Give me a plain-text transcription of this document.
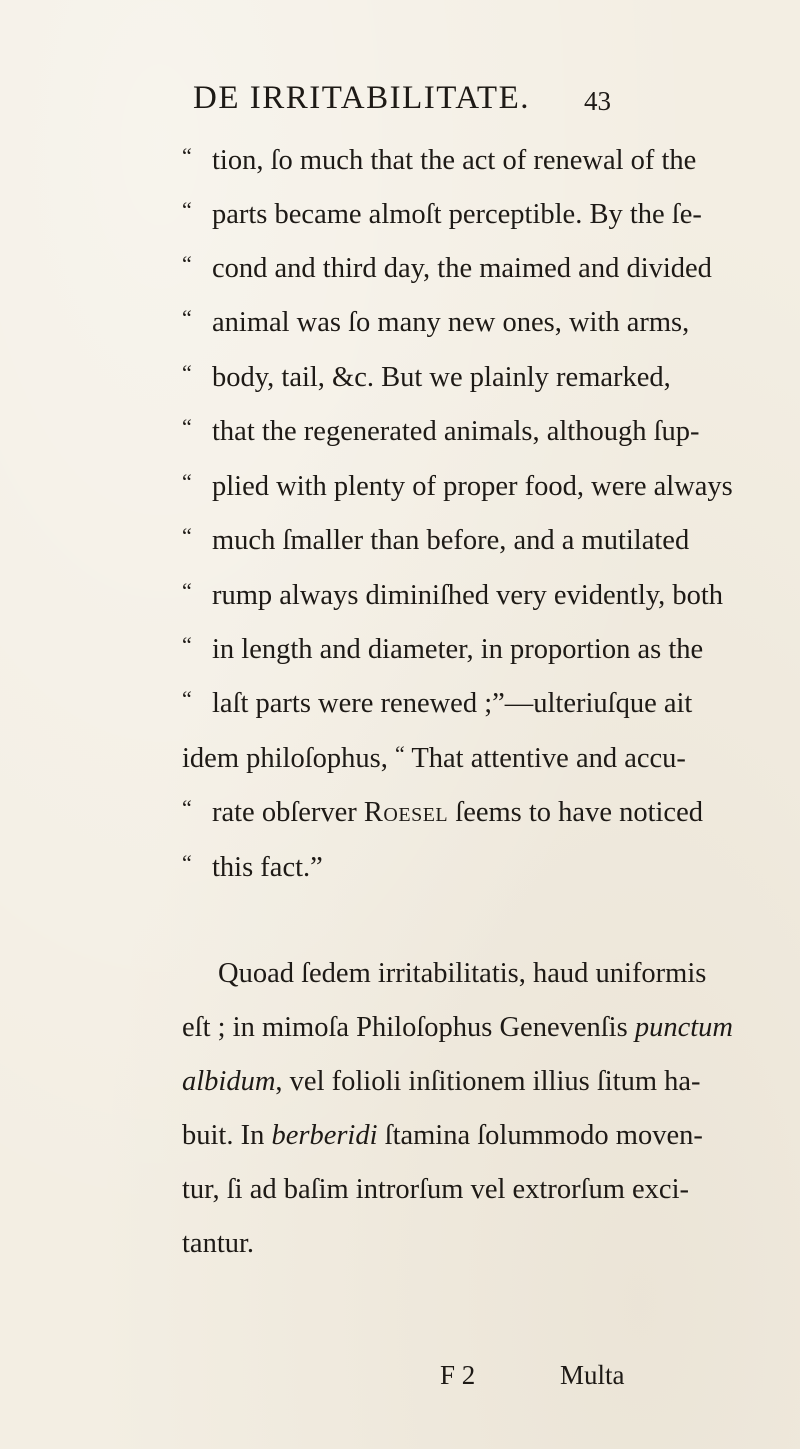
DE IRRITABILITATE. 43
“ tion, ſo much that the act of renewal of the
“ parts became almoſt perceptible. By the ſe-
“ cond and third day, the maimed and divided
“ animal was ſo many new ones, with arms,
“ body, tail, &c. But we plainly remarked,
“ that the regenerated animals, although ſup-
“ plied with plenty of proper food, were always
“ much ſmaller than before, and a mutilated
“ rump always diminiſhed very evidently, both
“ in length and diameter, in proportion as the
“ laſt parts were renewed ;”—ulteriuſque ait
idem philoſophus, “ That attentive and accu-
“ rate obſerver Roesel ſeems to have noticed
“ this fact.”
Quoad ſedem irritabilitatis, haud uniformis
eſt ; in mimoſa Philoſophus Genevenſis punctum
albidum, vel folioli inſitionem illius ſitum ha-
buit. In berberidi ſtamina ſolummodo moven-
tur, ſi ad baſim introrſum vel extrorſum exci-
tantur.
F 2	Multa
